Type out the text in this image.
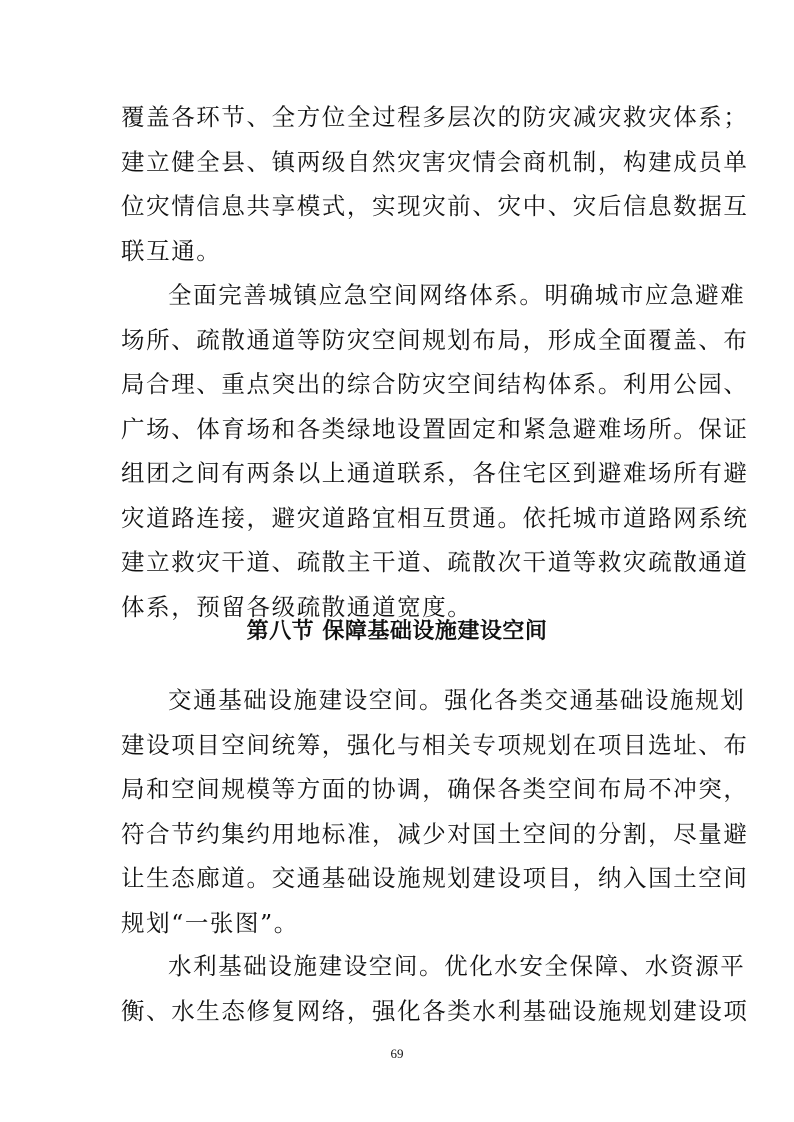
覆盖各环节、全方位全过程多层次的防灾减灾救灾体系；
建立健全县、镇两级自然灾害灾情会商机制，构建成员单
位灾情信息共享模式，实现灾前、灾中、灾后信息数据互
联互通。

全面完善城镇应急空间网络体系。明确城市应急避难
场所、疏散通道等防灾空间规划布局，形成全面覆盖、布
局合理、重点突出的综合防灾空间结构体系。利用公园、
广场、体育场和各类绿地设置固定和紧急避难场所。保证
组团之间有两条以上通道联系，各住宅区到避难场所有避
灾道路连接，避灾道路宜相互贯通。依托城市道路网系统
建立救灾干道、疏散主干道、疏散次干道等救灾疏散通道
体系，预留各级疏散通道宽度。

第八节 保障基础设施建设空间

交通基础设施建设空间。强化各类交通基础设施规划
建设项目空间统筹，强化与相关专项规划在项目选址、布
局和空间规模等方面的协调，确保各类空间布局不冲突，
符合节约集约用地标准，减少对国土空间的分割，尽量避
让生态廊道。交通基础设施规划建设项目，纳入国土空间
规划“一张图”。

水利基础设施建设空间。优化水安全保障、水资源平
衡、水生态修复网络，强化各类水利基础设施规划建设项

69
